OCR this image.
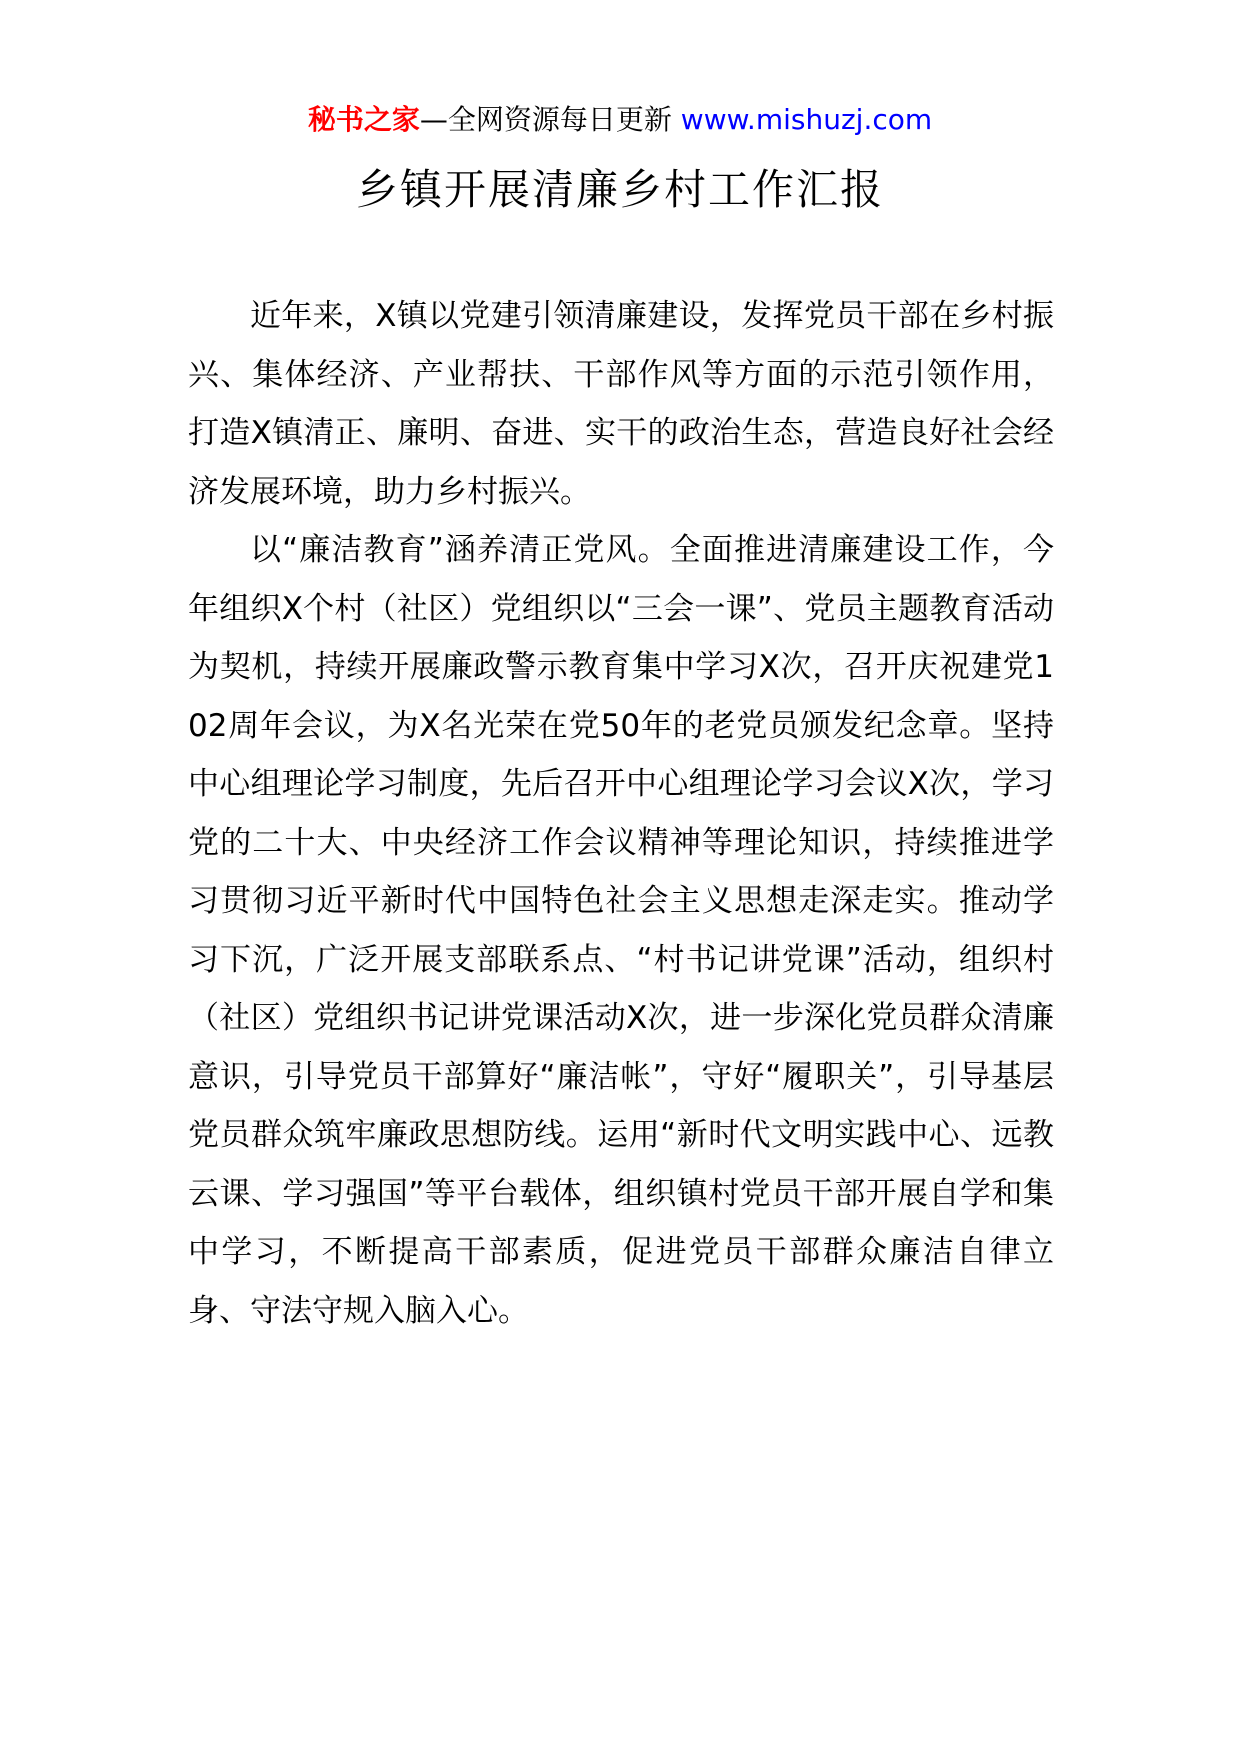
秘书之家—全网资源每日更新 www.mishuzj.com
乡镇开展清廉乡村工作汇报

近年来，X镇以党建引领清廉建设，发挥党员干部在乡村振兴、集体经济、产业帮扶、干部作风等方面的示范引领作用，打造X镇清正、廉明、奋进、实干的政治生态，营造良好社会经济发展环境，助力乡村振兴。

以“廉洁教育”涵养清正党风。全面推进清廉建设工作，今年组织X个村（社区）党组织以“三会一课”、党员主题教育活动为契机，持续开展廉政警示教育集中学习X次，召开庆祝建党102周年会议，为X名光荣在党50年的老党员颁发纪念章。坚持中心组理论学习制度，先后召开中心组理论学习会议X次，学习党的二十大、中央经济工作会议精神等理论知识，持续推进学习贯彻习近平新时代中国特色社会主义思想走深走实。推动学习下沉，广泛开展支部联系点、“村书记讲党课”活动，组织村（社区）党组织书记讲党课活动X次，进一步深化党员群众清廉意识，引导党员干部算好“廉洁帐”，守好“履职关”，引导基层党员群众筑牢廉政思想防线。运用“新时代文明实践中心、远教云课、学习强国”等平台载体，组织镇村党员干部开展自学和集中学习，不断提高干部素质，促进党员干部群众廉洁自律立身、守法守规入脑入心。
